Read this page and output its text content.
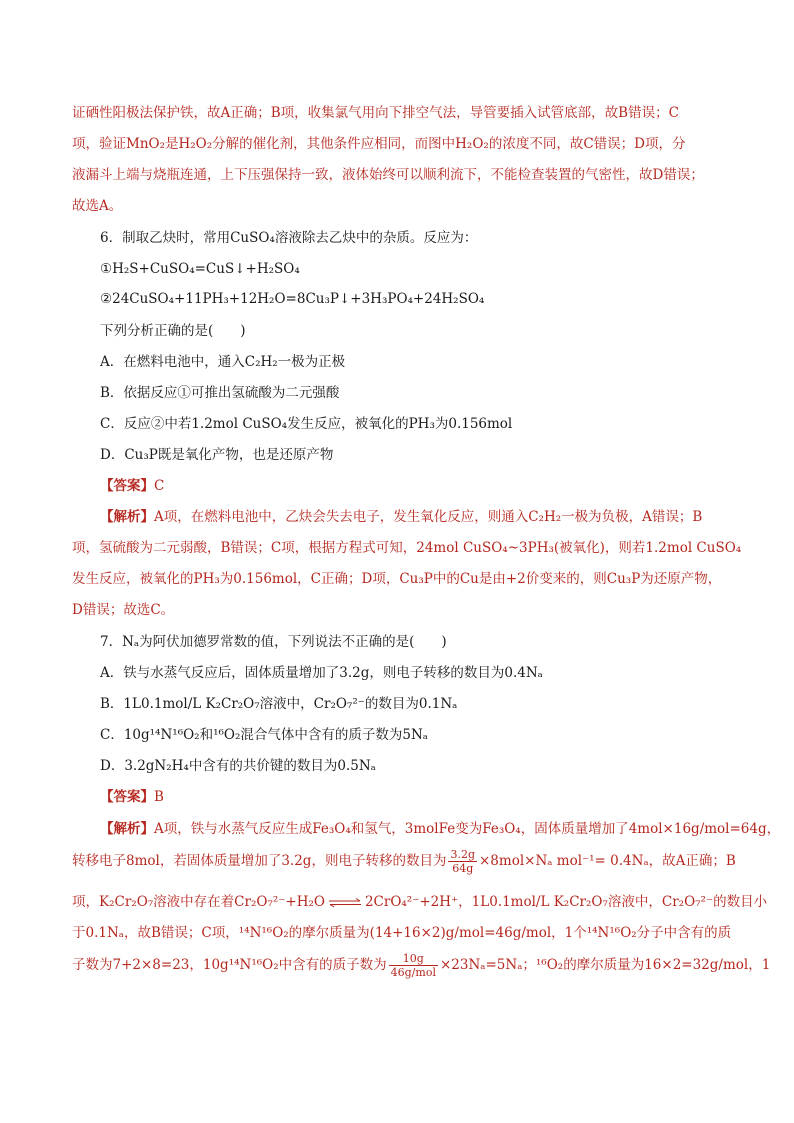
证硒性阳极法保护铁，故A正确；B项，收集氯气用向下排空气法，导管要插入试管底部，故B错误；C
项，验证MnO₂是H₂O₂分解的催化剂，其他条件应相同，而图中H₂O₂的浓度不同，故C错误；D项，分
液漏斗上端与烧瓶连通，上下压强保持一致，液体始终可以顺利流下，不能检查装置的气密性，故D错误；
故选A。
6．制取乙炔时，常用CuSO₄溶液除去乙炔中的杂质。反应为：
①H₂S+CuSO₄=CuS↓+H₂SO₄
②24CuSO₄+11PH₃+12H₂O=8Cu₃P↓+3H₃PO₄+24H₂SO₄
下列分析正确的是(　　)
A．在燃料电池中，通入C₂H₂一极为正极
B．依据反应①可推出氢硫酸为二元强酸
C．反应②中若1.2mol CuSO₄发生反应，被氧化的PH₃为0.156mol
D．Cu₃P既是氧化产物，也是还原产物
【答案】C
【解析】A项，在燃料电池中，乙炔会失去电子，发生氧化反应，则通入C₂H₂一极为负极，A错误；B
项，氢硫酸为二元弱酸，B错误；C项，根据方程式可知，24mol CuSO₄~3PH₃(被氧化)，则若1.2mol CuSO₄
发生反应，被氧化的PH₃为0.156mol，C正确；D项，Cu₃P中的Cu是由+2价变来的，则Cu₃P为还原产物，
D错误；故选C。
7．Nₐ为阿伏加德罗常数的值，下列说法不正确的是(　　)
A．铁与水蒸气反应后，固体质量增加了3.2g，则电子转移的数目为0.4Nₐ
B．1L0.1mol/L K₂Cr₂O₇溶液中，Cr₂O₇²⁻的数目为0.1Nₐ
C．10g¹⁴N¹⁶O₂和¹⁶O₂混合气体中含有的质子数为5Nₐ
D．3.2gN₂H₄中含有的共价键的数目为0.5Nₐ
【答案】B
【解析】A项，铁与水蒸气反应生成Fe₃O₄和氢气，3molFe变为Fe₃O₄，固体质量增加了4mol×16g/mol=64g，
转移电子8mol，若固体质量增加了3.2g，则电子转移的数目为 $\frac{3.2g}{64g} \times 8mol\times N_a$ mol⁻¹= 0.4Nₐ，故A正确；B
项，K₂Cr₂O₇溶液中存在着Cr₂O₇²⁻+H₂O ⇌ 2CrO₄²⁻+2H⁺，1L0.1mol/L K₂Cr₂O₇溶液中，Cr₂O₇²⁻的数目小
于0.1Nₐ，故B错误；C项，¹⁴N¹⁶O₂的摩尔质量为(14+16×2)g/mol=46g/mol，1个¹⁴N¹⁶O₂分子中含有的质
子数为7+2×8=23，10g¹⁴N¹⁶O₂中含有的质子数为 $\frac{10g}{\text{46g/mol}} \times 23N_a=5N_a$；¹⁶O₂的摩尔质量为16×2=32g/mol，1
